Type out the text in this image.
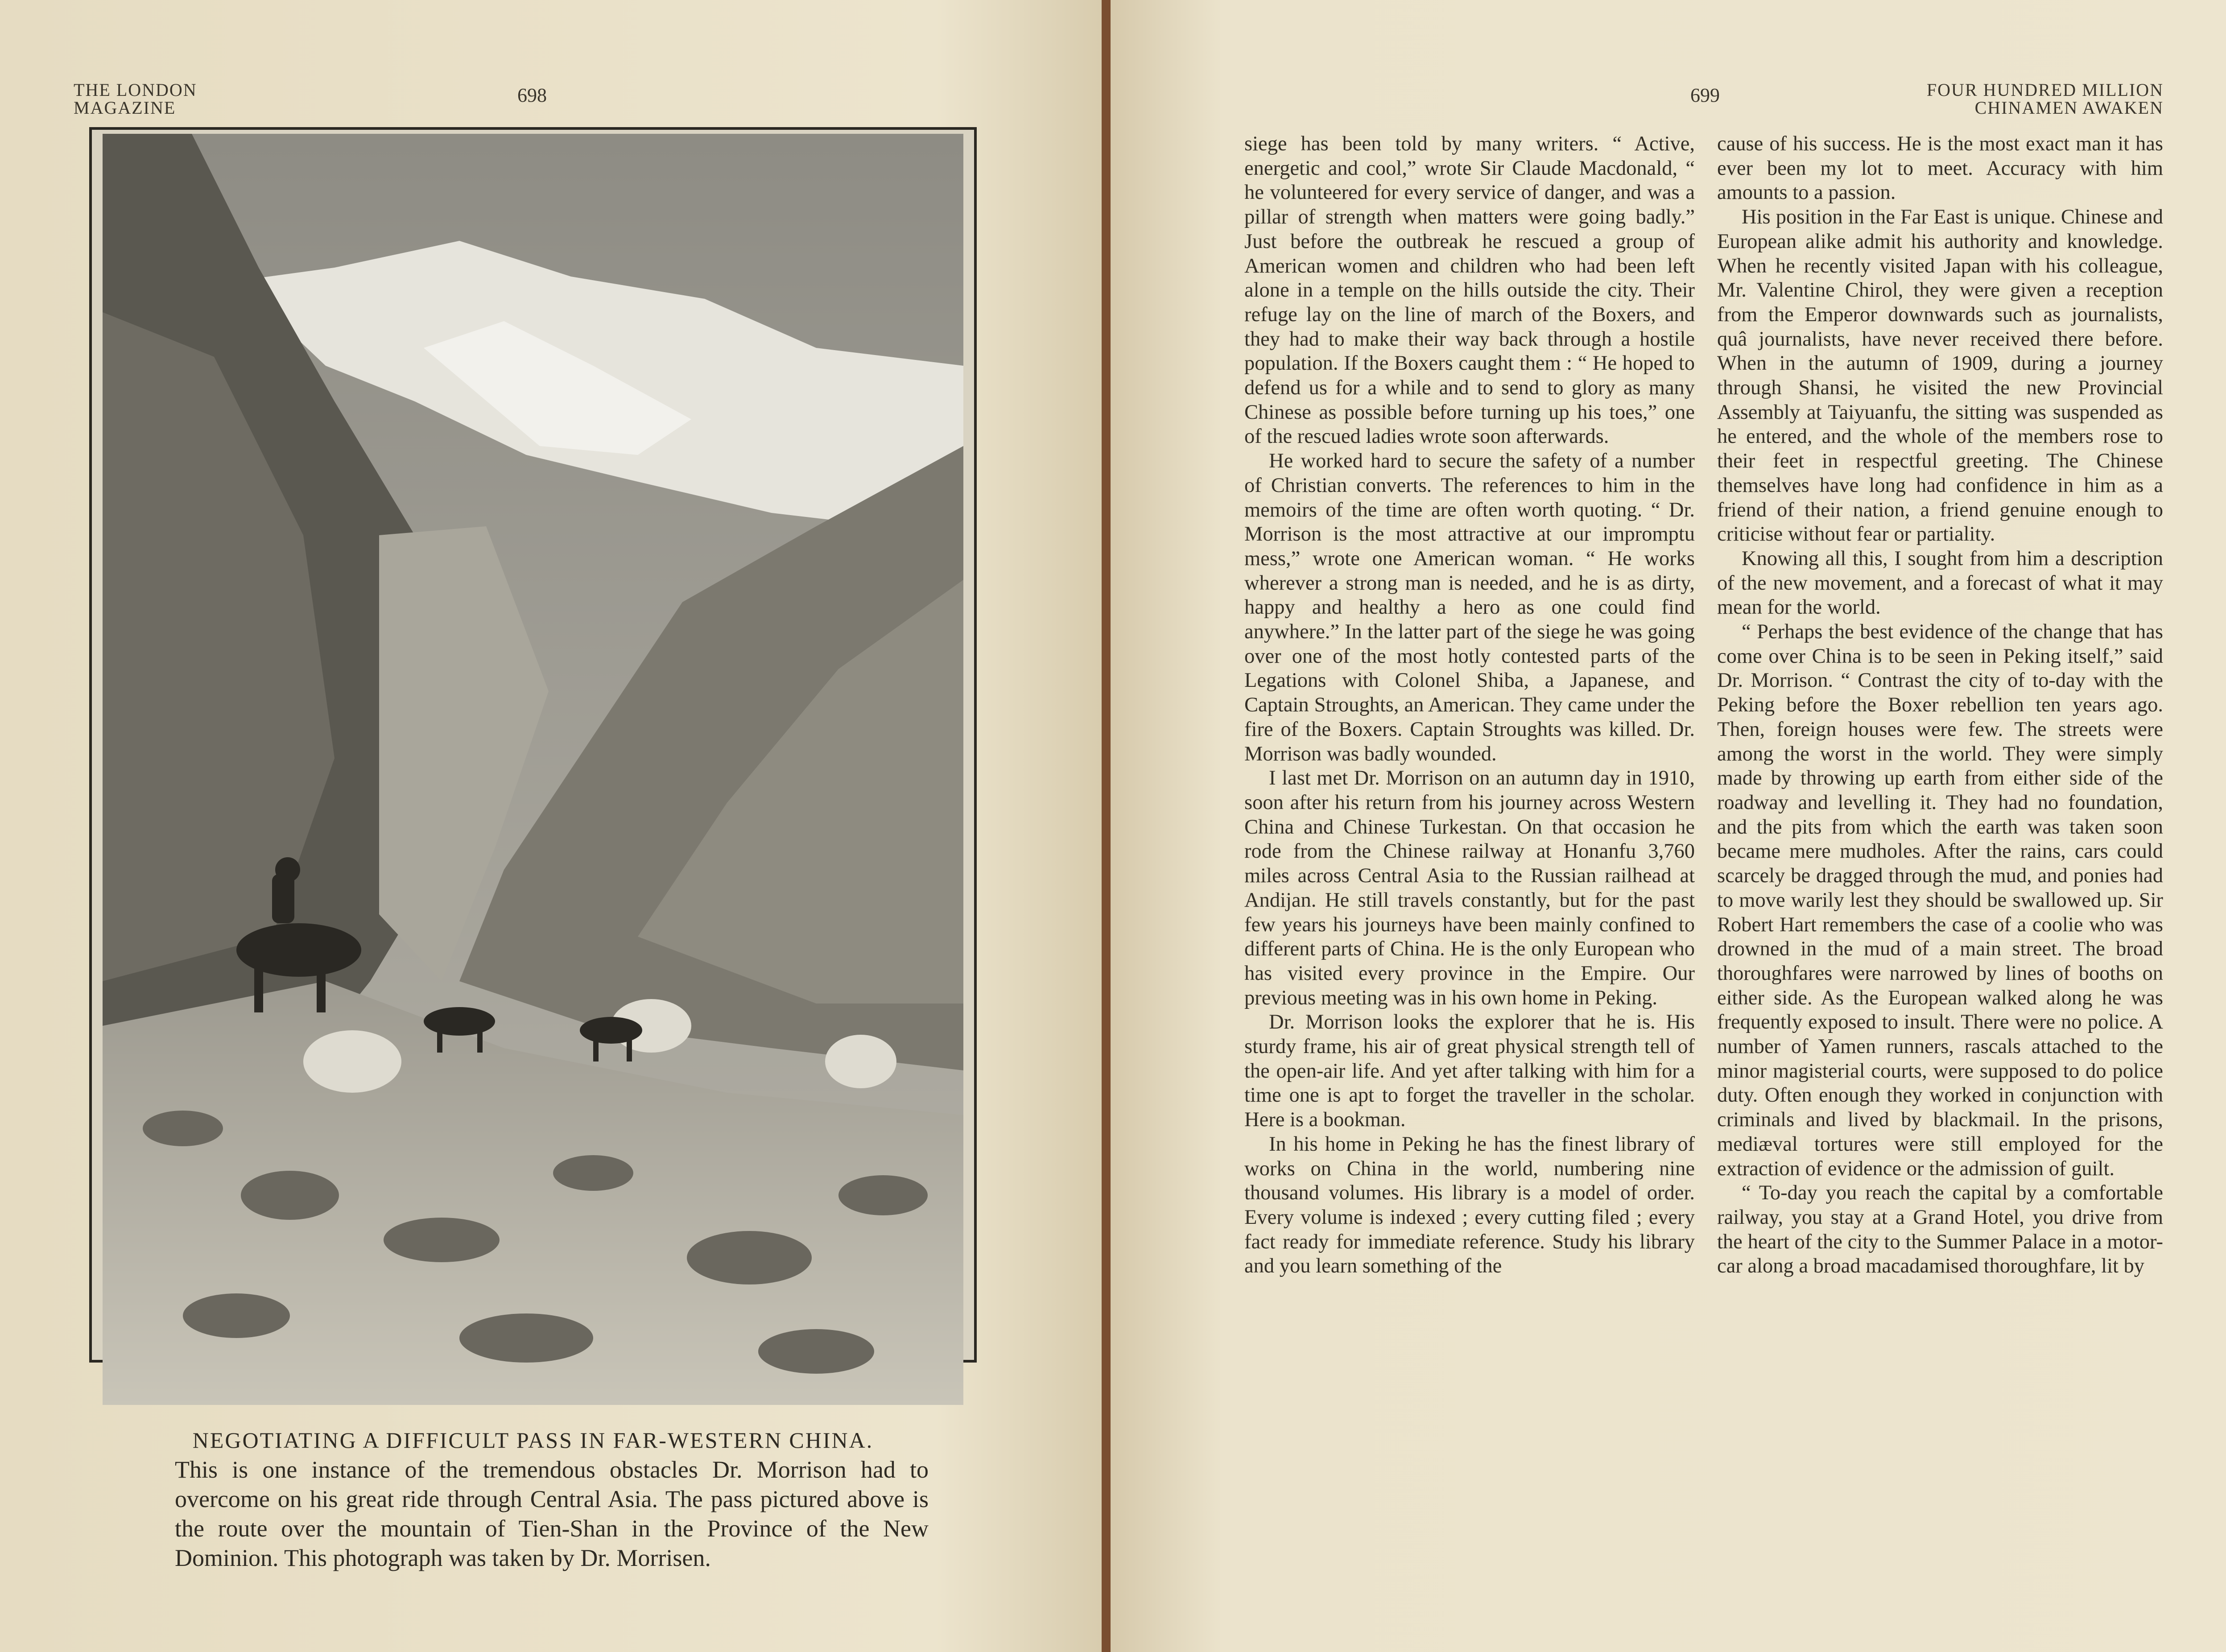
THE LONDON
MAGAZINE
698
NEGOTIATING A DIFFICULT PASS IN FAR-WESTERN CHINA.
This is one instance of the tremendous obstacles Dr. Morrison had to overcome on his great ride through Central Asia. The pass pictured above is the route over the mountain of Tien-Shan in the Province of the New Dominion. This photograph was taken by Dr. Morrisen.
699	FOUR HUNDRED MILLION
CHINAMEN AWAKEN

siege has been told by many writers. “ Active, energetic and cool,” wrote Sir Claude Macdonald, “ he volunteered for every service of danger, and was a pillar of strength when matters were going badly.” Just before the outbreak he rescued a group of American women and children who had been left alone in a temple on the hills outside the city. Their refuge lay on the line of march of the Boxers, and they had to make their way back through a hostile population. If the Boxers caught them : “ He hoped to defend us for a while and to send to glory as many Chinese as possible before turning up his toes,” one of the rescued ladies wrote soon afterwards.

He worked hard to secure the safety of a number of Christian converts. The references to him in the memoirs of the time are often worth quoting. “ Dr. Morrison is the most attractive at our impromptu mess,” wrote one American woman. “ He works wherever a strong man is needed, and he is as dirty, happy and healthy a hero as one could find anywhere.” In the latter part of the siege he was going over one of the most hotly contested parts of the Legations with Colonel Shiba, a Japanese, and Captain Stroughts, an American. They came under the fire of the Boxers. Captain Stroughts was killed. Dr. Morrison was badly wounded.

I last met Dr. Morrison on an autumn day in 1910, soon after his return from his journey across Western China and Chinese Turkestan. On that occasion he rode from the Chinese railway at Honanfu 3,760 miles across Central Asia to the Russian railhead at Andijan. He still travels constantly, but for the past few years his journeys have been mainly confined to different parts of China. He is the only European who has visited every province in the Empire. Our previous meeting was in his own home in Peking.

Dr. Morrison looks the explorer that he is. His sturdy frame, his air of great physical strength tell of the open-air life. And yet after talking with him for a time one is apt to forget the traveller in the scholar. Here is a bookman.

In his home in Peking he has the finest library of works on China in the world, numbering nine thousand volumes. His library is a model of order. Every volume is indexed ; every cutting filed ; every fact ready for immediate reference. Study his library and you learn something of the

cause of his success. He is the most exact man it has ever been my lot to meet. Accuracy with him amounts to a passion.

His position in the Far East is unique. Chinese and European alike admit his authority and knowledge. When he recently visited Japan with his colleague, Mr. Valentine Chirol, they were given a reception from the Emperor downwards such as journalists, quâ journalists, have never received there before. When in the autumn of 1909, during a journey through Shansi, he visited the new Provincial Assembly at Taiyuanfu, the sitting was suspended as he entered, and the whole of the members rose to their feet in respectful greeting. The Chinese themselves have long had confidence in him as a friend of their nation, a friend genuine enough to criticise without fear or partiality.

Knowing all this, I sought from him a description of the new movement, and a forecast of what it may mean for the world.

“ Perhaps the best evidence of the change that has come over China is to be seen in Peking itself,” said Dr. Morrison. “ Contrast the city of to-day with the Peking before the Boxer rebellion ten years ago. Then, foreign houses were few. The streets were among the worst in the world. They were simply made by throwing up earth from either side of the roadway and levelling it. They had no foundation, and the pits from which the earth was taken soon became mere mudholes. After the rains, cars could scarcely be dragged through the mud, and ponies had to move warily lest they should be swallowed up. Sir Robert Hart remembers the case of a coolie who was drowned in the mud of a main street. The broad thoroughfares were narrowed by lines of booths on either side. As the European walked along he was frequently exposed to insult. There were no police. A number of Yamen runners, rascals attached to the minor magisterial courts, were supposed to do police duty. Often enough they worked in conjunction with criminals and lived by blackmail. In the prisons, mediæval tortures were still employed for the extraction of evidence or the admission of guilt.

“ To-day you reach the capital by a comfortable railway, you stay at a Grand Hotel, you drive from the heart of the city to the Summer Palace in a motor-car along a broad macadamised thoroughfare, lit by
